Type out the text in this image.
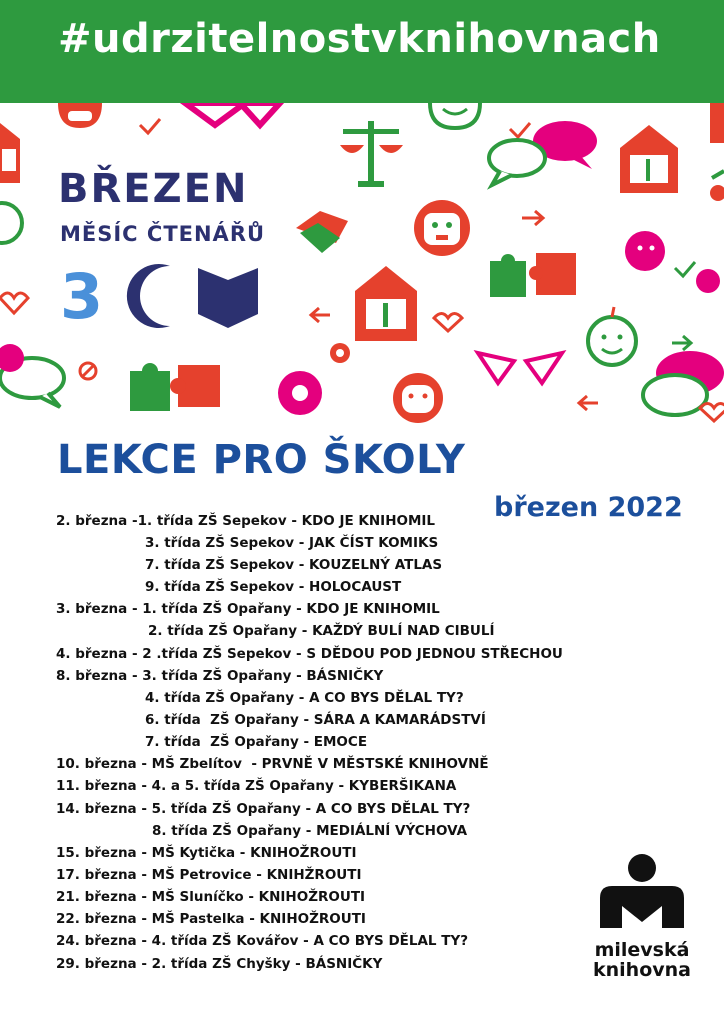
#udrzitelnostvknihovnach
BŘEZEN
MĚSÍC ČTENÁŘŮ
3
LEKCE PRO ŠKOLY
březen 2022
2. března -1. třída ZŠ Sepekov - KDO JE KNIHOMIL
3. třída ZŠ Sepekov - JAK ČÍST KOMIKS
7. třída ZŠ Sepekov - KOUZELNÝ ATLAS
9. třída ZŠ Sepekov - HOLOCAUST
3. března - 1. třída ZŠ Opařany - KDO JE KNIHOMIL
2. třída ZŠ Opařany - KAŽDÝ BULÍ NAD CIBULÍ
4. března - 2 .třída ZŠ Sepekov - S DĚDOU POD JEDNOU STŘECHOU
8. března - 3. třída ZŠ Opařany - BÁSNIČKY
4. třída ZŠ Opařany - A CO BYS DĚLAL TY?
6. třída  ZŠ Opařany - SÁRA A KAMARÁDSTVÍ
7. třída  ZŠ Opařany - EMOCE
10. března - MŠ Zbelítov  - PRVNĚ V MĚSTSKÉ KNIHOVNĚ
11. března - 4. a 5. třída ZŠ Opařany - KYBERŠIKANA
14. března - 5. třída ZŠ Opařany - A CO BYS DĚLAL TY?
8. třída ZŠ Opařany - MEDIÁLNÍ VÝCHOVA
15. března - MŠ Kytička - KNIHOŽROUTI
17. března - MŠ Petrovice - KNIHŽROUTI
21. března - MŠ Sluníčko - KNIHOŽROUTI
22. března - MŠ Pastelka - KNIHOŽROUTI
24. března - 4. třída ZŠ Kovářov - A CO BYS DĚLAL TY?
29. března - 2. třída ZŠ Chyšky - BÁSNIČKY
milevská
knihovna
